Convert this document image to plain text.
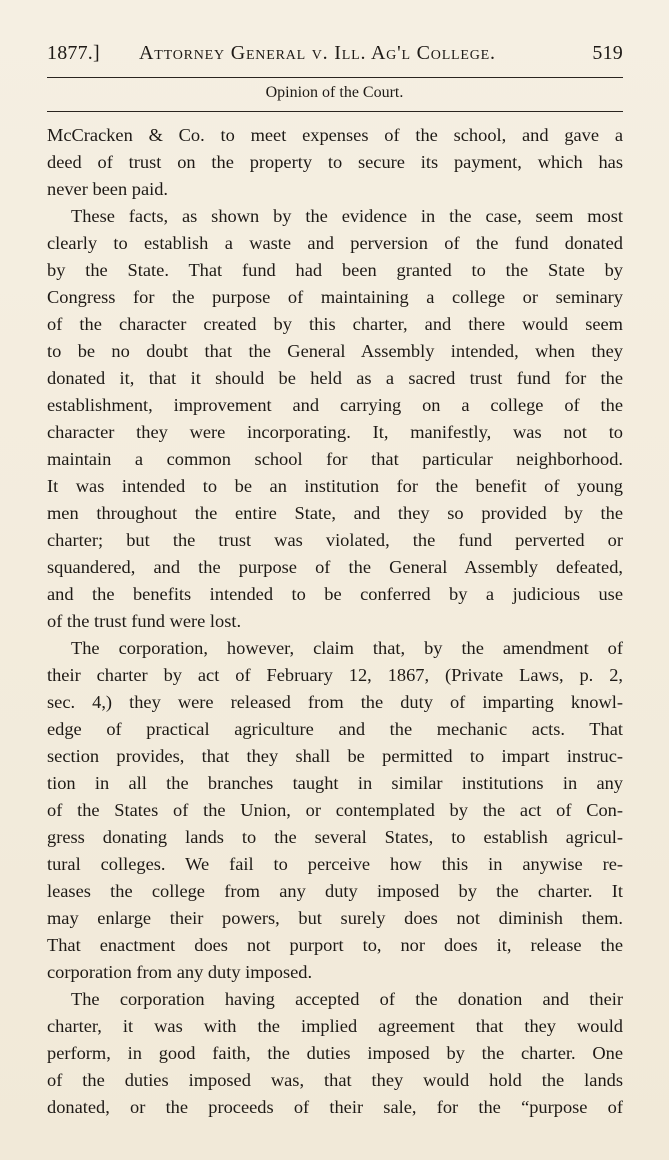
1877.] Attorney General v. Ill. Ag'l College.	519
Opinion of the Court.
McCracken & Co. to meet expenses of the school, and gave a
deed of trust on the property to secure its payment, which has
never been paid.
These facts, as shown by the evidence in the case, seem most
clearly to establish a waste and perversion of the fund donated
by the State. That fund had been granted to the State by
Congress for the purpose of maintaining a college or seminary
of the character created by this charter, and there would seem
to be no doubt that the General Assembly intended, when they
donated it, that it should be held as a sacred trust fund for the
establishment, improvement and carrying on a college of the
character they were incorporating. It, manifestly, was not to
maintain a common school for that particular neighborhood.
It was intended to be an institution for the benefit of young
men throughout the entire State, and they so provided by the
charter; but the trust was violated, the fund perverted or
squandered, and the purpose of the General Assembly defeated,
and the benefits intended to be conferred by a judicious use
of the trust fund were lost.
The corporation, however, claim that, by the amendment of
their charter by act of February 12, 1867, (Private Laws, p. 2,
sec. 4,) they were released from the duty of imparting knowl-
edge of practical agriculture and the mechanic acts. That
section provides, that they shall be permitted to impart instruc-
tion in all the branches taught in similar institutions in any
of the States of the Union, or contemplated by the act of Con-
gress donating lands to the several States, to establish agricul-
tural colleges. We fail to perceive how this in anywise re-
leases the college from any duty imposed by the charter. It
may enlarge their powers, but surely does not diminish them.
That enactment does not purport to, nor does it, release the
corporation from any duty imposed.
The corporation having accepted of the donation and their
charter, it was with the implied agreement that they would
perform, in good faith, the duties imposed by the charter. One
of the duties imposed was, that they would hold the lands
donated, or the proceeds of their sale, for the “purpose of
